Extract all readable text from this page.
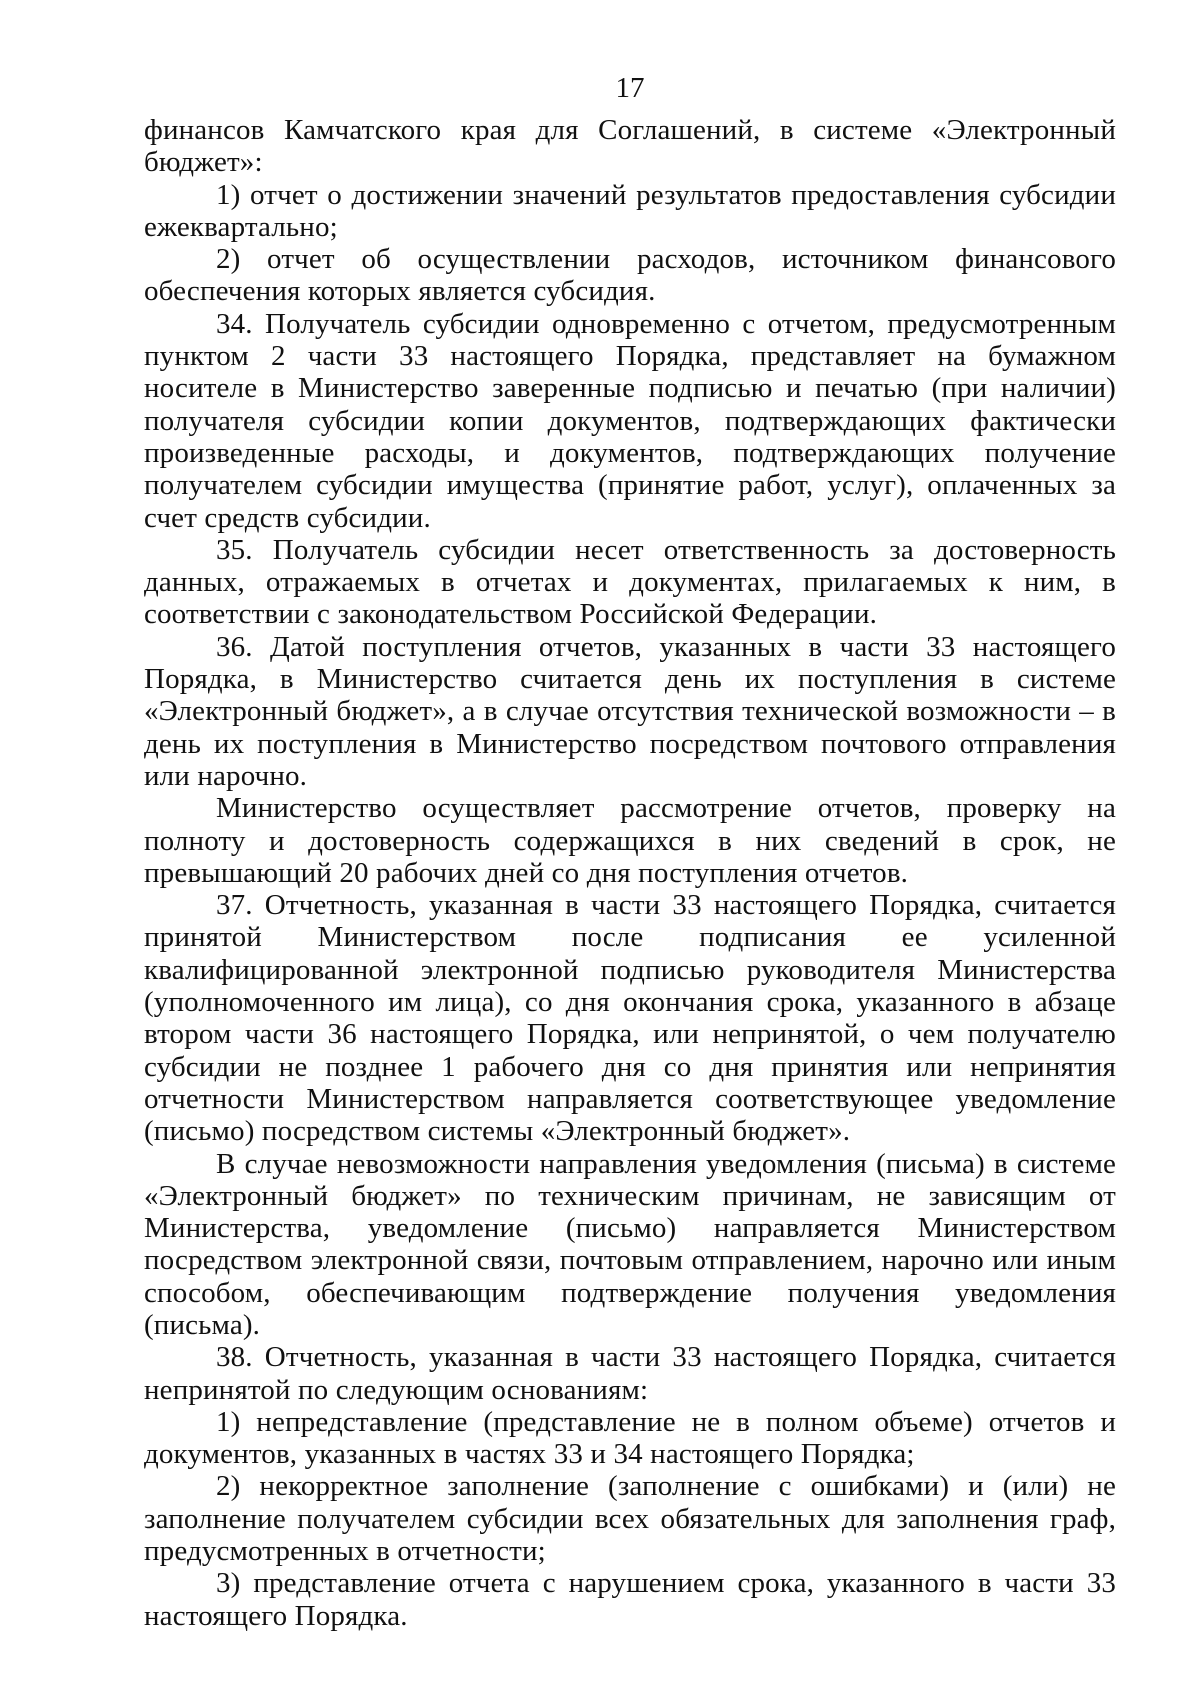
17

финансов Камчатского края для Соглашений, в системе «Электронный бюджет»:

1) отчет о достижении значений результатов предоставления субсидии ежеквартально;

2) отчет об осуществлении расходов, источником финансового обеспечения которых является субсидия.

34. Получатель субсидии одновременно с отчетом, предусмотренным пунктом 2 части 33 настоящего Порядка, представляет на бумажном носителе в Министерство заверенные подписью и печатью (при наличии) получателя субсидии копии документов, подтверждающих фактически произведенные расходы, и документов, подтверждающих получение получателем субсидии имущества (принятие работ, услуг), оплаченных за счет средств субсидии.

35. Получатель субсидии несет ответственность за достоверность данных, отражаемых в отчетах и документах, прилагаемых к ним, в соответствии с законодательством Российской Федерации.

36. Датой поступления отчетов, указанных в части 33 настоящего Порядка, в Министерство считается день их поступления в системе «Электронный бюджет», а в случае отсутствия технической возможности – в день их поступления в Министерство посредством почтового отправления или нарочно.

Министерство осуществляет рассмотрение отчетов, проверку на полноту и достоверность содержащихся в них сведений в срок, не превышающий 20 рабочих дней со дня поступления отчетов.

37. Отчетность, указанная в части 33 настоящего Порядка, считается принятой Министерством после подписания ее усиленной квалифицированной электронной подписью руководителя Министерства (уполномоченного им лица), со дня окончания срока, указанного в абзаце втором части 36 настоящего Порядка, или непринятой, о чем получателю субсидии не позднее 1 рабочего дня со дня принятия или непринятия отчетности Министерством направляется соответствующее уведомление (письмо) посредством системы «Электронный бюджет».

В случае невозможности направления уведомления (письма) в системе «Электронный бюджет» по техническим причинам, не зависящим от Министерства, уведомление (письмо) направляется Министерством посредством электронной связи, почтовым отправлением, нарочно или иным способом, обеспечивающим подтверждение получения уведомления (письма).

38. Отчетность, указанная в части 33 настоящего Порядка, считается непринятой по следующим основаниям:

1) непредставление (представление не в полном объеме) отчетов и документов, указанных в частях 33 и 34 настоящего Порядка;

2) некорректное заполнение (заполнение с ошибками) и (или) не заполнение получателем субсидии всех обязательных для заполнения граф, предусмотренных в отчетности;

3) представление отчета с нарушением срока, указанного в части 33 настоящего Порядка.
